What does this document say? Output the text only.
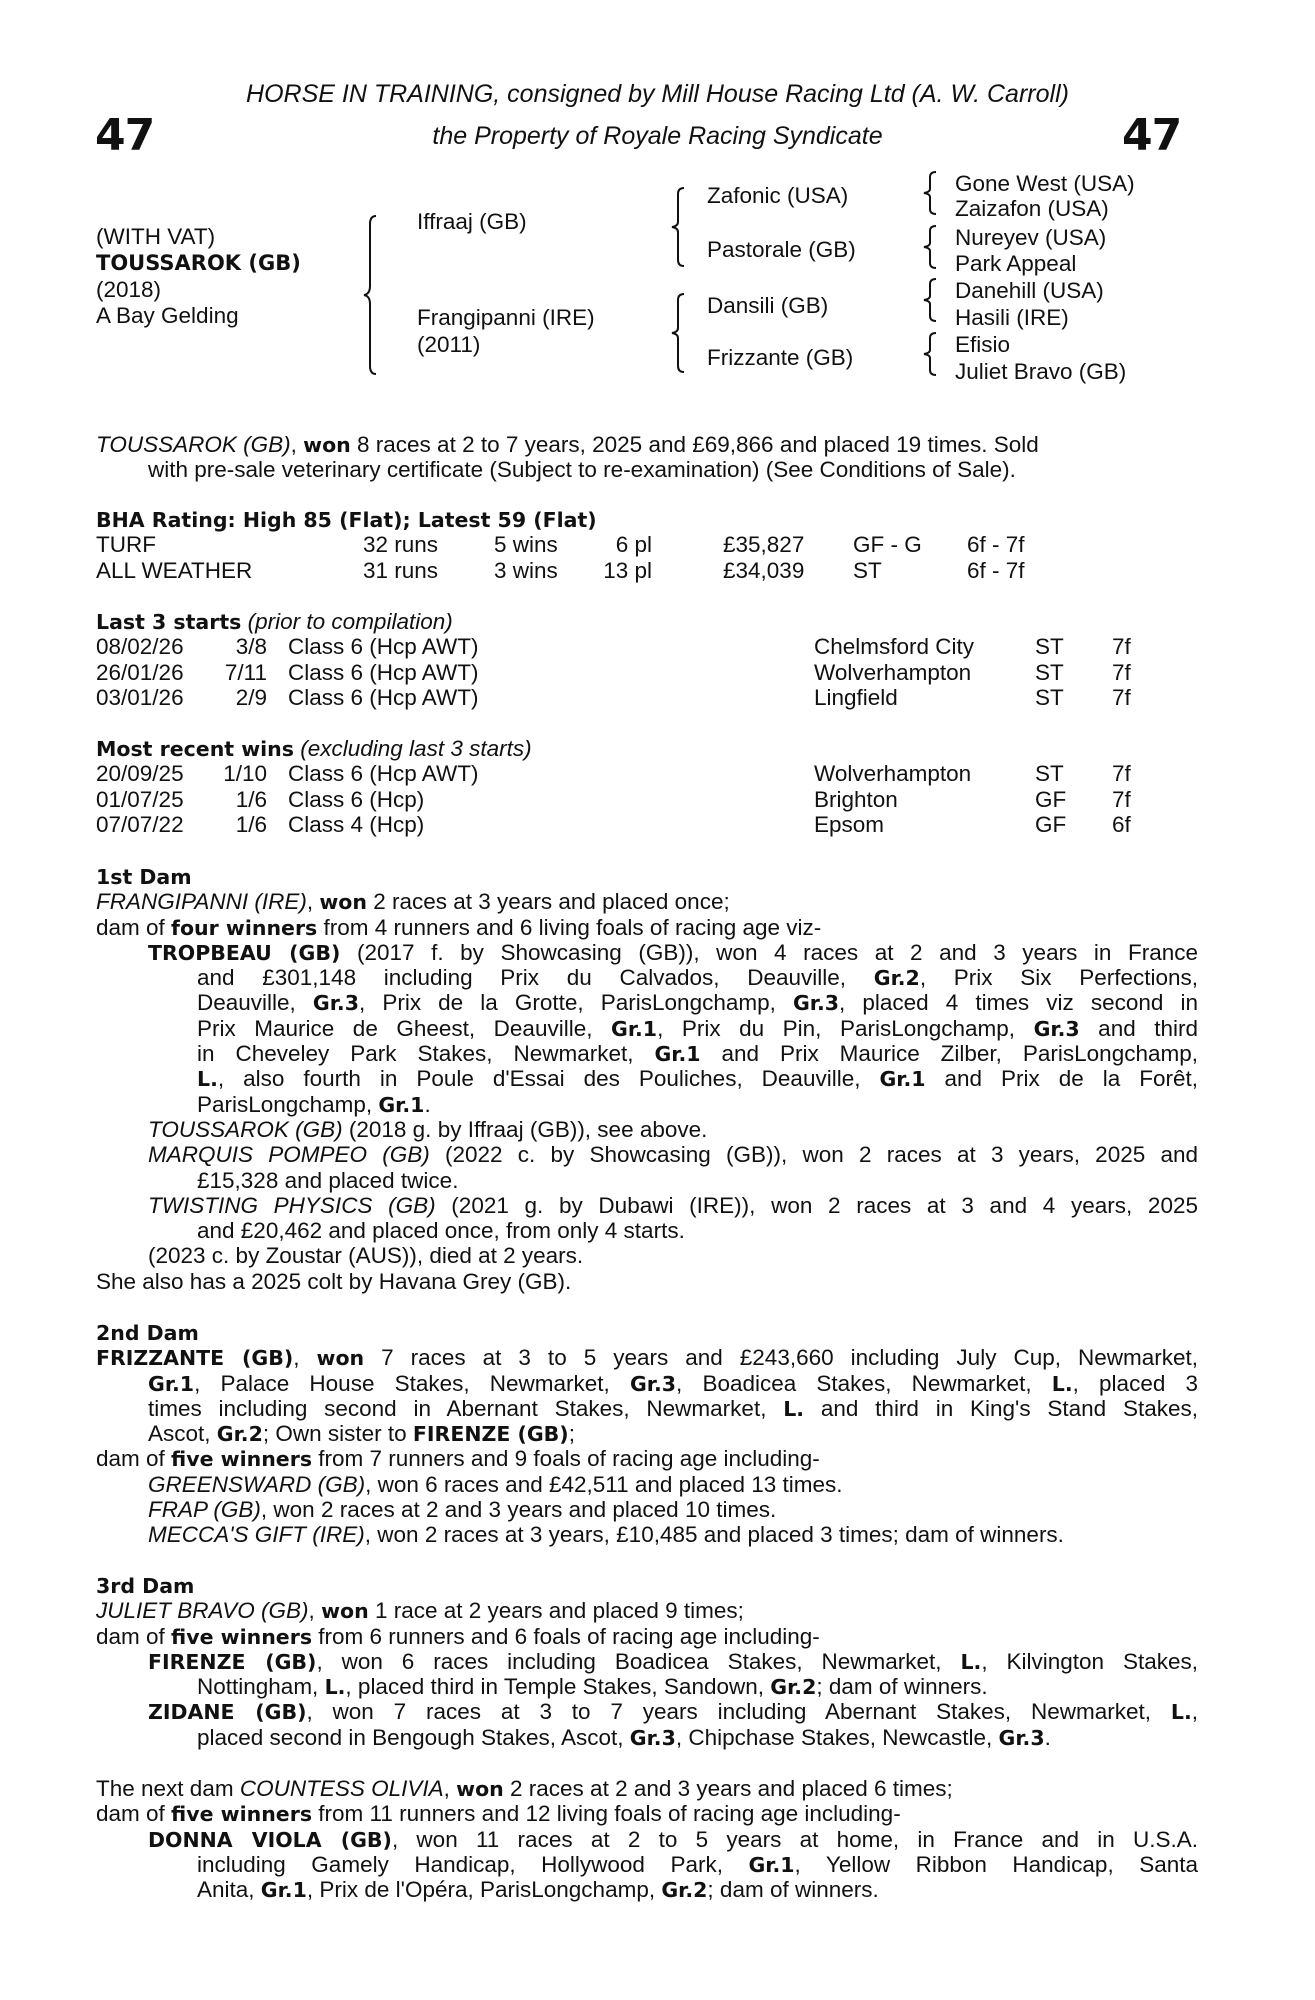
HORSE IN TRAINING, consigned by Mill House Racing Ltd (A. W. Carroll)
the Property of Royale Racing Syndicate
47	47
(WITH VAT)
TOUSSAROK (GB)
(2018)
A Bay Gelding
Iffraaj (GB)
Frangipanni (IRE)
(2011)
Zafonic (USA)
Pastorale (GB)
Dansili (GB)
Frizzante (GB)
Gone West (USA)
Zaizafon (USA)
Nureyev (USA)
Park Appeal
Danehill (USA)
Hasili (IRE)
Efisio
Juliet Bravo (GB)
TOUSSAROK (GB), won 8 races at 2 to 7 years, 2025 and £69,866 and placed 19 times. Sold
with pre-sale veterinary certificate (Subject to re-examination) (See Conditions of Sale).
BHA Rating: High 85 (Flat); Latest 59 (Flat)
TURF	32 runs 5 wins	6 pl	£35,827 GF - G 6f - 7f
ALL WEATHER	31 runs 3 wins	13 pl	£34,039 ST	6f - 7f
Last 3 starts (prior to compilation)
08/02/26	3/8 Class 6 (Hcp AWT)	Chelmsford City	ST 7f
26/01/26	7/11 Class 6 (Hcp AWT)	Wolverhampton	ST 7f
03/01/26	2/9 Class 6 (Hcp AWT)	Lingfield	ST 7f
Most recent wins (excluding last 3 starts)
20/09/25	1/10 Class 6 (Hcp AWT)	Wolverhampton	ST 7f
01/07/25	1/6 Class 6 (Hcp)	Brighton	GF 7f
07/07/22	1/6 Class 4 (Hcp)	Epsom	GF 6f
1st Dam
FRANGIPANNI (IRE), won 2 races at 3 years and placed once;
dam of four winners from 4 runners and 6 living foals of racing age viz-
TROPBEAU (GB) (2017 f. by Showcasing (GB)), won 4 races at 2 and 3 years in France
and £301,148 including Prix du Calvados, Deauville, Gr.2, Prix Six Perfections,
Deauville, Gr.3, Prix de la Grotte, ParisLongchamp, Gr.3, placed 4 times viz second in
Prix Maurice de Gheest, Deauville, Gr.1, Prix du Pin, ParisLongchamp, Gr.3 and third
in Cheveley Park Stakes, Newmarket, Gr.1 and Prix Maurice Zilber, ParisLongchamp,
L., also fourth in Poule d'Essai des Pouliches, Deauville, Gr.1 and Prix de la Forêt,
ParisLongchamp, Gr.1.
TOUSSAROK (GB) (2018 g. by Iffraaj (GB)), see above.
MARQUIS POMPEO (GB) (2022 c. by Showcasing (GB)), won 2 races at 3 years, 2025 and
£15,328 and placed twice.
TWISTING PHYSICS (GB) (2021 g. by Dubawi (IRE)), won 2 races at 3 and 4 years, 2025
and £20,462 and placed once, from only 4 starts.
(2023 c. by Zoustar (AUS)), died at 2 years.
She also has a 2025 colt by Havana Grey (GB).
2nd Dam
FRIZZANTE (GB), won 7 races at 3 to 5 years and £243,660 including July Cup, Newmarket,
Gr.1, Palace House Stakes, Newmarket, Gr.3, Boadicea Stakes, Newmarket, L., placed 3
times including second in Abernant Stakes, Newmarket, L. and third in King's Stand Stakes,
Ascot, Gr.2; Own sister to FIRENZE (GB);
dam of five winners from 7 runners and 9 foals of racing age including-
GREENSWARD (GB), won 6 races and £42,511 and placed 13 times.
FRAP (GB), won 2 races at 2 and 3 years and placed 10 times.
MECCA'S GIFT (IRE), won 2 races at 3 years, £10,485 and placed 3 times; dam of winners.
3rd Dam
JULIET BRAVO (GB), won 1 race at 2 years and placed 9 times;
dam of five winners from 6 runners and 6 foals of racing age including-
FIRENZE (GB), won 6 races including Boadicea Stakes, Newmarket, L., Kilvington Stakes,
Nottingham, L., placed third in Temple Stakes, Sandown, Gr.2; dam of winners.
ZIDANE (GB), won 7 races at 3 to 7 years including Abernant Stakes, Newmarket, L.,
placed second in Bengough Stakes, Ascot, Gr.3, Chipchase Stakes, Newcastle, Gr.3.
The next dam COUNTESS OLIVIA, won 2 races at 2 and 3 years and placed 6 times;
dam of five winners from 11 runners and 12 living foals of racing age including-
DONNA VIOLA (GB), won 11 races at 2 to 5 years at home, in France and in U.S.A.
including Gamely Handicap, Hollywood Park, Gr.1, Yellow Ribbon Handicap, Santa
Anita, Gr.1, Prix de l'Opéra, ParisLongchamp, Gr.2; dam of winners.
